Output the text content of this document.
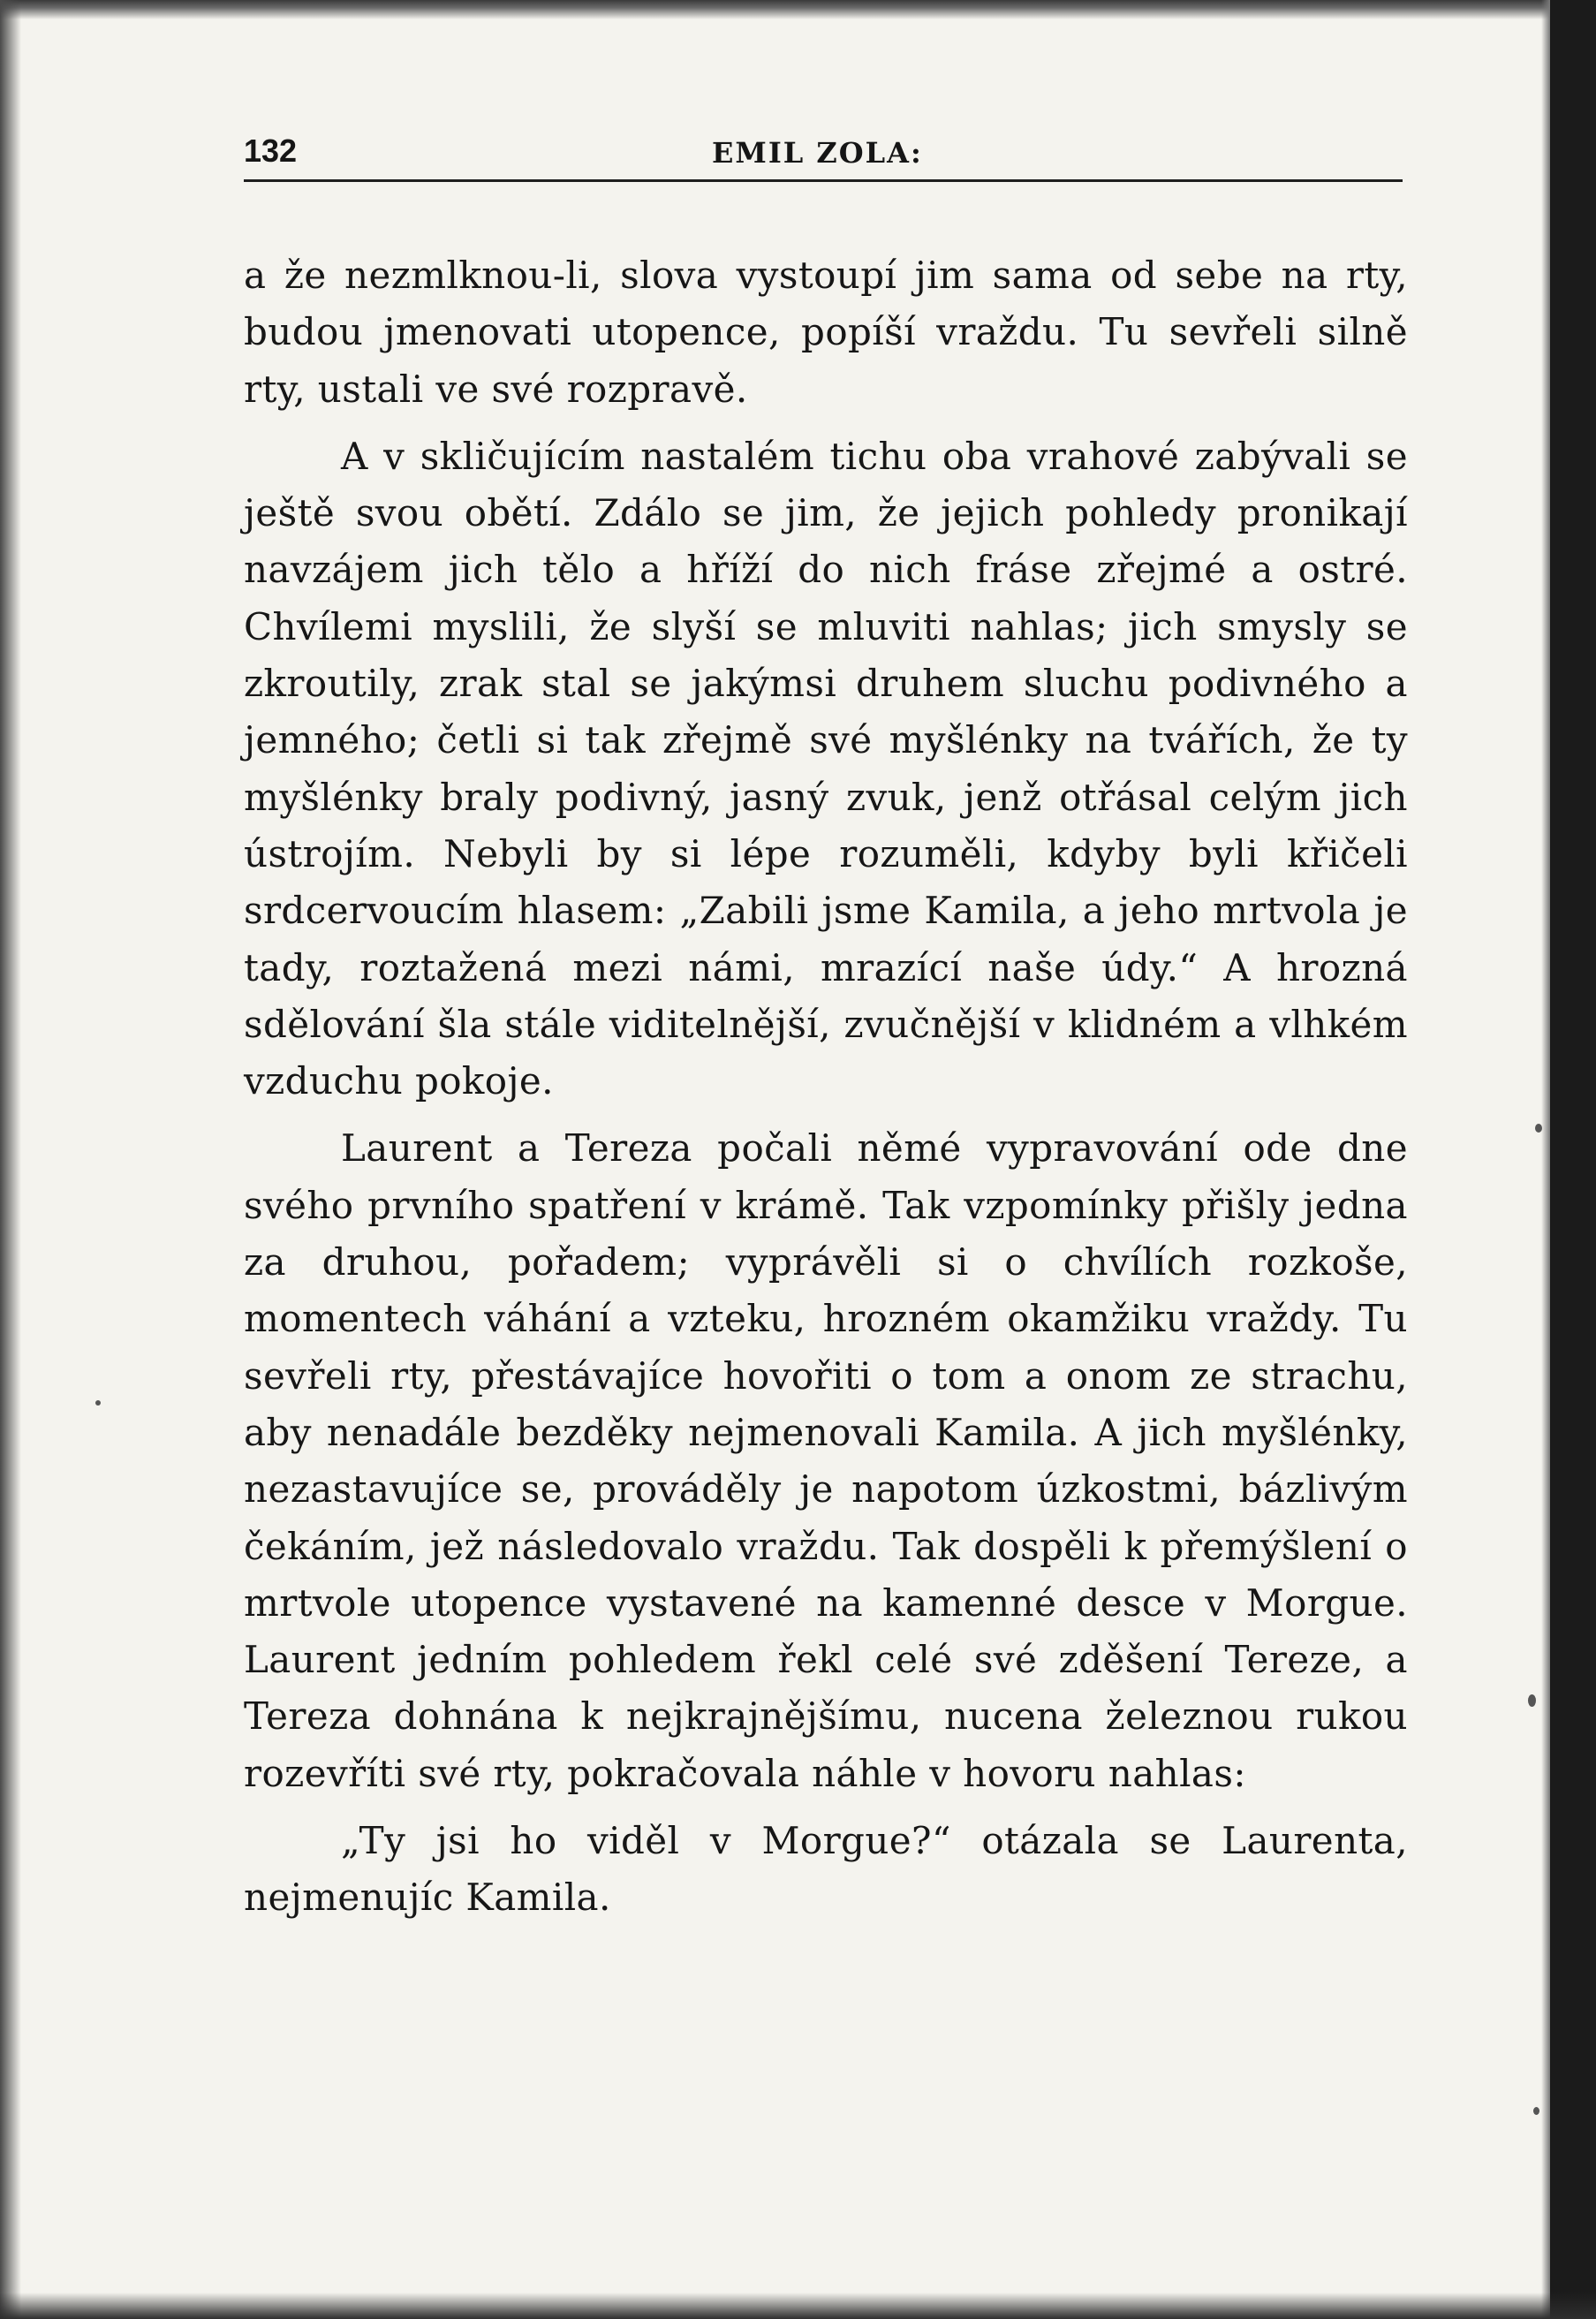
132	EMIL ZOLA:

a že nezmlknou-li, slova vystoupí jim sama od sebe na rty, budou jmenovati utopence, popíší vraždu. Tu sevřeli silně rty, ustali ve své rozpravě.

A v skličujícím nastalém tichu oba vrahové zabývali se ještě svou obětí. Zdálo se jim, že jejich pohledy pronikají navzájem jich tělo a hříží do nich fráse zřejmé a ostré. Chvílemi myslili, že slyší se mluviti nahlas; jich smysly se zkroutily, zrak stal se jakýmsi druhem sluchu podivného a jemného; četli si tak zřejmě své myšlénky na tvářích, že ty myšlénky braly podivný, jasný zvuk, jenž otřásal celým jich ústrojím. Nebyli by si lépe rozuměli, kdyby byli křičeli srdcervoucím hlasem: „Zabili jsme Kamila, a jeho mrtvola je tady, roztažená mezi námi, mrazící naše údy.“ A hrozná sdělování šla stále viditelnější, zvučnější v klidném a vlhkém vzduchu pokoje.

Laurent a Tereza počali němé vypravování ode dne svého prvního spatření v krámě. Tak vzpomínky přišly jedna za druhou, pořadem; vyprávěli si o chvílích rozkoše, momentech váhání a vzteku, hrozném okamžiku vraždy. Tu sevřeli rty, přestávajíce hovořiti o tom a onom ze strachu, aby nenadále bezděky nejmenovali Kamila. A jich myšlénky, nezastavujíce se, prováděly je napotom úzkostmi, bázlivým čekáním, jež následovalo vraždu. Tak dospěli k přemýšlení o mrtvole utopence vystavené na kamenné desce v Morgue. Laurent jedním pohledem řekl celé své zděšení Tereze, a Tereza dohnána k nejkrajnějšímu, nucena železnou rukou rozevříti své rty, pokračovala náhle v hovoru nahlas:

„Ty jsi ho viděl v Morgue?“ otázala se Laurenta, nejmenujíc Kamila.
